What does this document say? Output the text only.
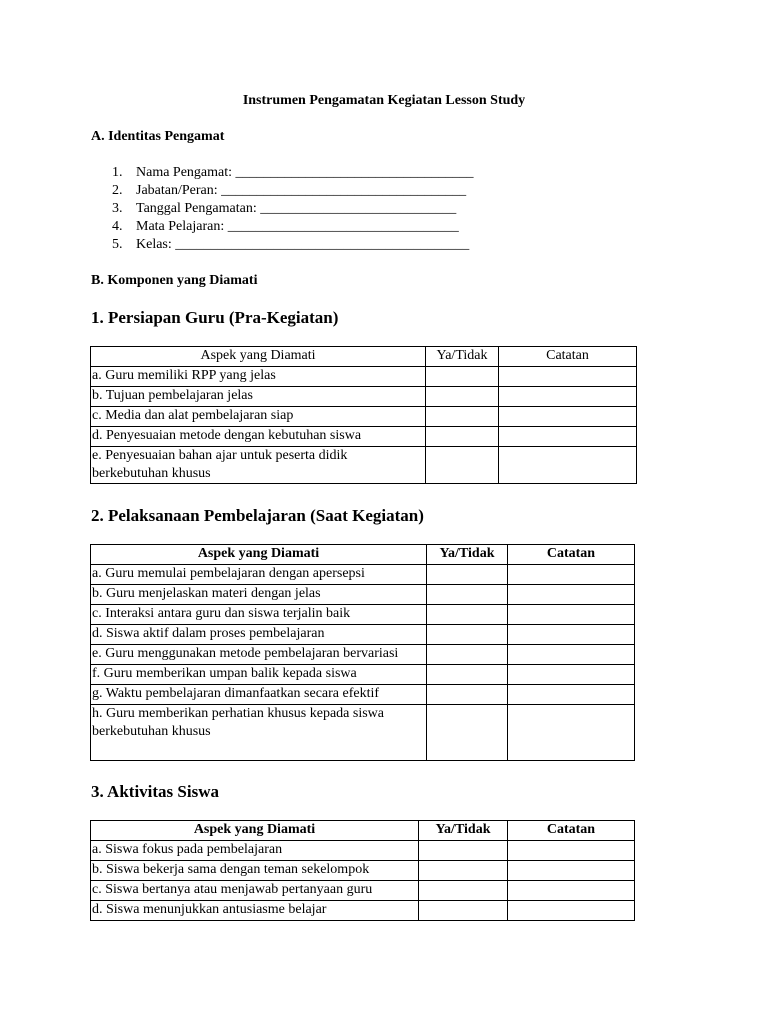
Instrumen Pengamatan Kegiatan Lesson Study
A. Identitas Pengamat
1. Nama Pengamat: __________________________________
2. Jabatan/Peran: ___________________________________
3. Tanggal Pengamatan: ____________________________
4. Mata Pelajaran: _________________________________
5. Kelas: __________________________________________
B. Komponen yang Diamati
1. Persiapan Guru (Pra-Kegiatan)
Aspek yang Diamati	Ya/Tidak	Catatan
a. Guru memiliki RPP yang jelas		
b. Tujuan pembelajaran jelas		
c. Media dan alat pembelajaran siap		
d. Penyesuaian metode dengan kebutuhan siswa		
e. Penyesuaian bahan ajar untuk peserta didik berkebutuhan khusus		
2. Pelaksanaan Pembelajaran (Saat Kegiatan)
Aspek yang Diamati	Ya/Tidak	Catatan
a. Guru memulai pembelajaran dengan apersepsi		
b. Guru menjelaskan materi dengan jelas		
c. Interaksi antara guru dan siswa terjalin baik		
d. Siswa aktif dalam proses pembelajaran		
e. Guru menggunakan metode pembelajaran bervariasi		
f. Guru memberikan umpan balik kepada siswa		
g. Waktu pembelajaran dimanfaatkan secara efektif		
h. Guru memberikan perhatian khusus kepada siswa berkebutuhan khusus		
3. Aktivitas Siswa
Aspek yang Diamati	Ya/Tidak	Catatan
a. Siswa fokus pada pembelajaran		
b. Siswa bekerja sama dengan teman sekelompok		
c. Siswa bertanya atau menjawab pertanyaan guru		
d. Siswa menunjukkan antusiasme belajar		
